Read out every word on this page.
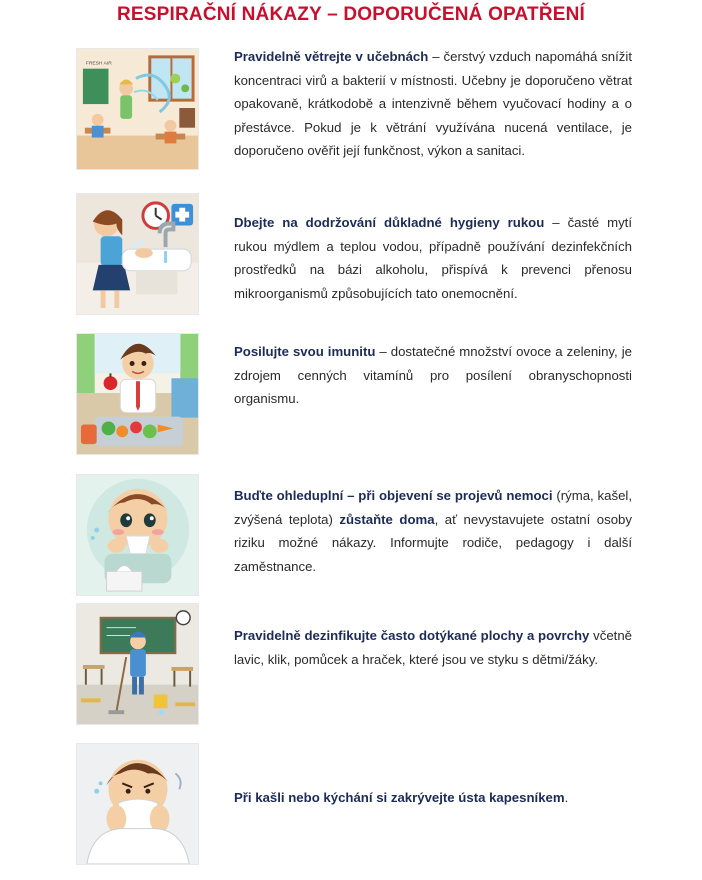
RESPIRAČNÍ NÁKAZY – DOPORUČENÁ OPATŘENÍ
FRESH AIR
Pravidelně větrejte v učebnách – čerstvý vzduch napomáhá snížit koncentraci virů a bakterií v místnosti. Učebny je doporučeno větrat opakovaně, krátkodobě a intenzivně během vyučovací hodiny a o přestávce. Pokud je k větrání využívána nucená ventilace, je doporučeno ověřit její funkčnost, výkon a sanitaci.
Dbejte na dodržování důkladné hygieny rukou – časté mytí rukou mýdlem a teplou vodou, případně používání dezinfekčních prostředků na bázi alkoholu, přispívá k prevenci přenosu mikroorganismů způsobujících tato onemocnění.
Posilujte svou imunitu – dostatečné množství ovoce a zeleniny, je zdrojem cenných vitamínů pro posílení obranyschopnosti organismu.
Buďte ohleduplní – při objevení se projevů nemoci (rýma, kašel, zvýšená teplota) zůstaňte doma, ať nevystavujete ostatní osoby riziku možné nákazy. Informujte rodiče, pedagogy i další zaměstnance.
Pravidelně dezinfikujte často dotýkané plochy a povrchy včetně lavic, klik, pomůcek a hraček, které jsou ve styku s dětmi/žáky.
Při kašli nebo kýchání si zakrývejte ústa kapesníkem.
